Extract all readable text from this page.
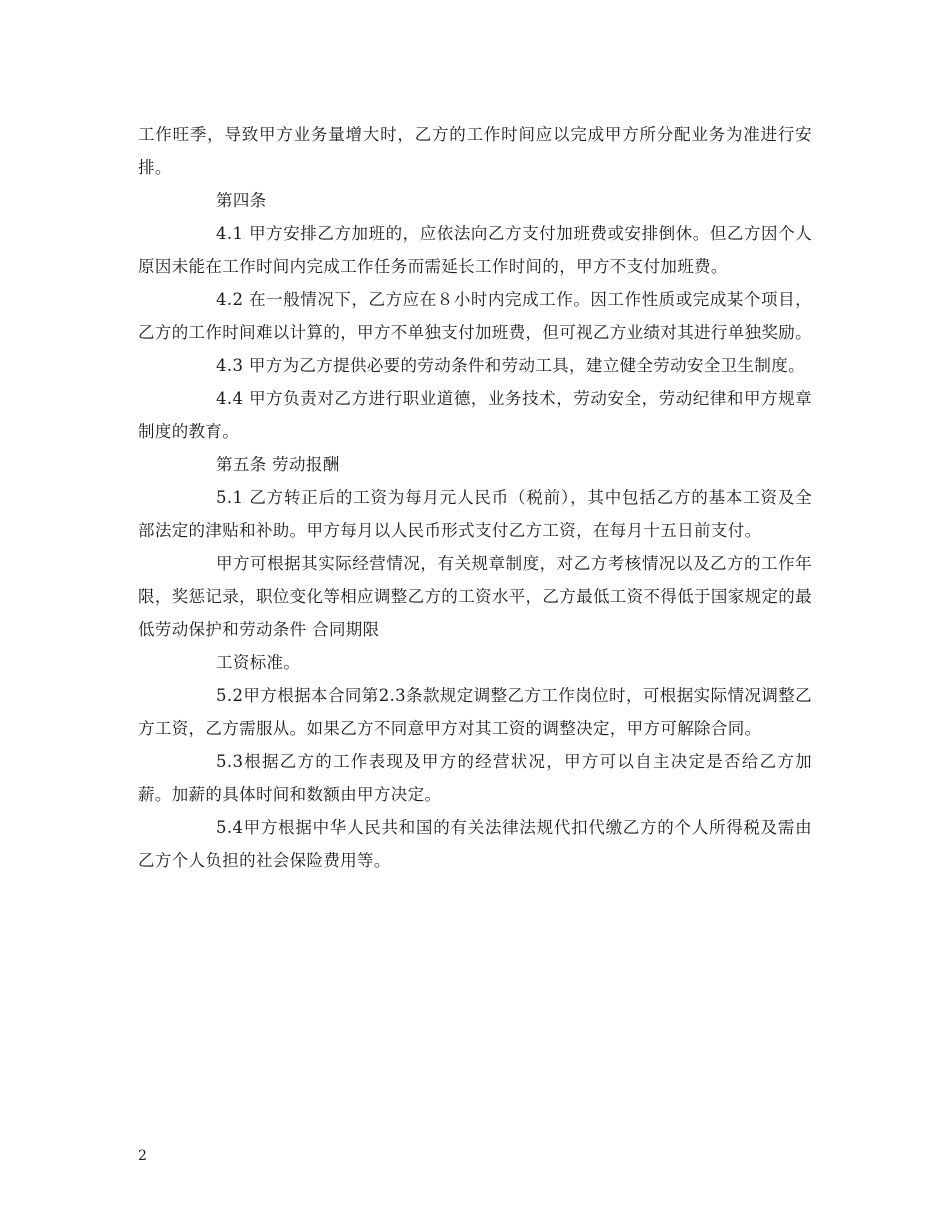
工作旺季，导致甲方业务量增大时，乙方的工作时间应以完成甲方所分配业务为准进行安排。

第四条

4.1 甲方安排乙方加班的，应依法向乙方支付加班费或安排倒休。但乙方因个人原因未能在工作时间内完成工作任务而需延长工作时间的，甲方不支付加班费。

4.2 在一般情况下，乙方应在８小时内完成工作。因工作性质或完成某个项目，乙方的工作时间难以计算的，甲方不单独支付加班费，但可视乙方业绩对其进行单独奖励。

4.3 甲方为乙方提供必要的劳动条件和劳动工具，建立健全劳动安全卫生制度。

4.4 甲方负责对乙方进行职业道德，业务技术，劳动安全，劳动纪律和甲方规章制度的教育。

第五条 劳动报酬

5.1 乙方转正后的工资为每月元人民币（税前），其中包括乙方的基本工资及全部法定的津贴和补助。甲方每月以人民币形式支付乙方工资，在每月十五日前支付。

甲方可根据其实际经营情况，有关规章制度，对乙方考核情况以及乙方的工作年限，奖惩记录，职位变化等相应调整乙方的工资水平，乙方最低工资不得低于国家规定的最低劳动保护和劳动条件 合同期限

工资标准。

5.2甲方根据本合同第2.3条款规定调整乙方工作岗位时，可根据实际情况调整乙方工资，乙方需服从。如果乙方不同意甲方对其工资的调整决定，甲方可解除合同。

5.3根据乙方的工作表现及甲方的经营状况，甲方可以自主决定是否给乙方加薪。加薪的具体时间和数额由甲方决定。

5.4甲方根据中华人民共和国的有关法律法规代扣代缴乙方的个人所得税及需由乙方个人负担的社会保险费用等。

2
